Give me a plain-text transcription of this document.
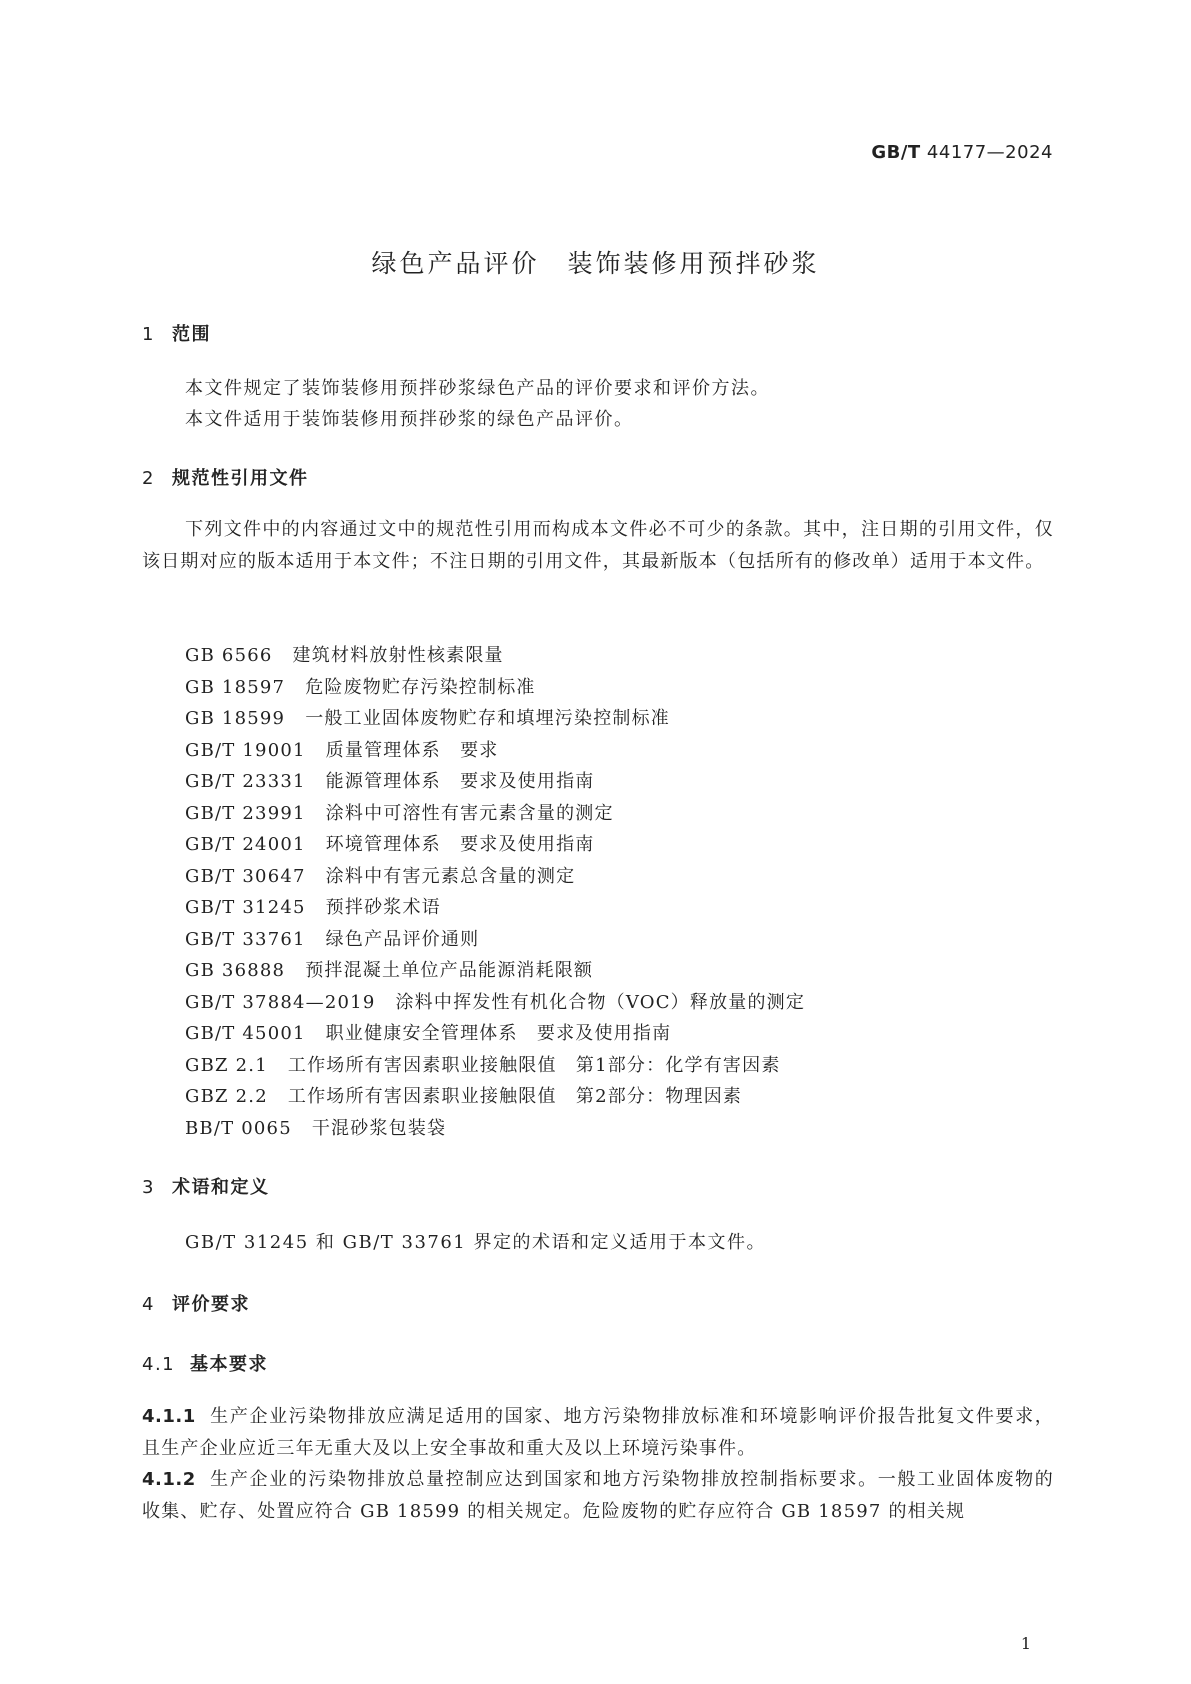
GB/T 44177—2024
绿色产品评价　装饰装修用预拌砂浆
1 范围
本文件规定了装饰装修用预拌砂浆绿色产品的评价要求和评价方法。
本文件适用于装饰装修用预拌砂浆的绿色产品评价。
2 规范性引用文件
下列文件中的内容通过文中的规范性引用而构成本文件必不可少的条款。其中，注日期的引用文件，仅该日期对应的版本适用于本文件；不注日期的引用文件，其最新版本（包括所有的修改单）适用于本文件。
GB 6566 建筑材料放射性核素限量
GB 18597 危险废物贮存污染控制标准
GB 18599 一般工业固体废物贮存和填埋污染控制标准
GB/T 19001 质量管理体系　要求
GB/T 23331 能源管理体系　要求及使用指南
GB/T 23991 涂料中可溶性有害元素含量的测定
GB/T 24001 环境管理体系　要求及使用指南
GB/T 30647 涂料中有害元素总含量的测定
GB/T 31245 预拌砂浆术语
GB/T 33761 绿色产品评价通则
GB 36888 预拌混凝土单位产品能源消耗限额
GB/T 37884—2019 涂料中挥发性有机化合物（VOC）释放量的测定
GB/T 45001 职业健康安全管理体系　要求及使用指南
GBZ 2.1 工作场所有害因素职业接触限值　第1部分：化学有害因素
GBZ 2.2 工作场所有害因素职业接触限值　第2部分：物理因素
BB/T 0065 干混砂浆包装袋
3 术语和定义
GB/T 31245 和 GB/T 33761 界定的术语和定义适用于本文件。
4 评价要求
4.1 基本要求
4.1.1 生产企业污染物排放应满足适用的国家、地方污染物排放标准和环境影响评价报告批复文件要求，且生产企业应近三年无重大及以上安全事故和重大及以上环境污染事件。
4.1.2 生产企业的污染物排放总量控制应达到国家和地方污染物排放控制指标要求。一般工业固体废物的收集、贮存、处置应符合 GB 18599 的相关规定。危险废物的贮存应符合 GB 18597 的相关规
1
